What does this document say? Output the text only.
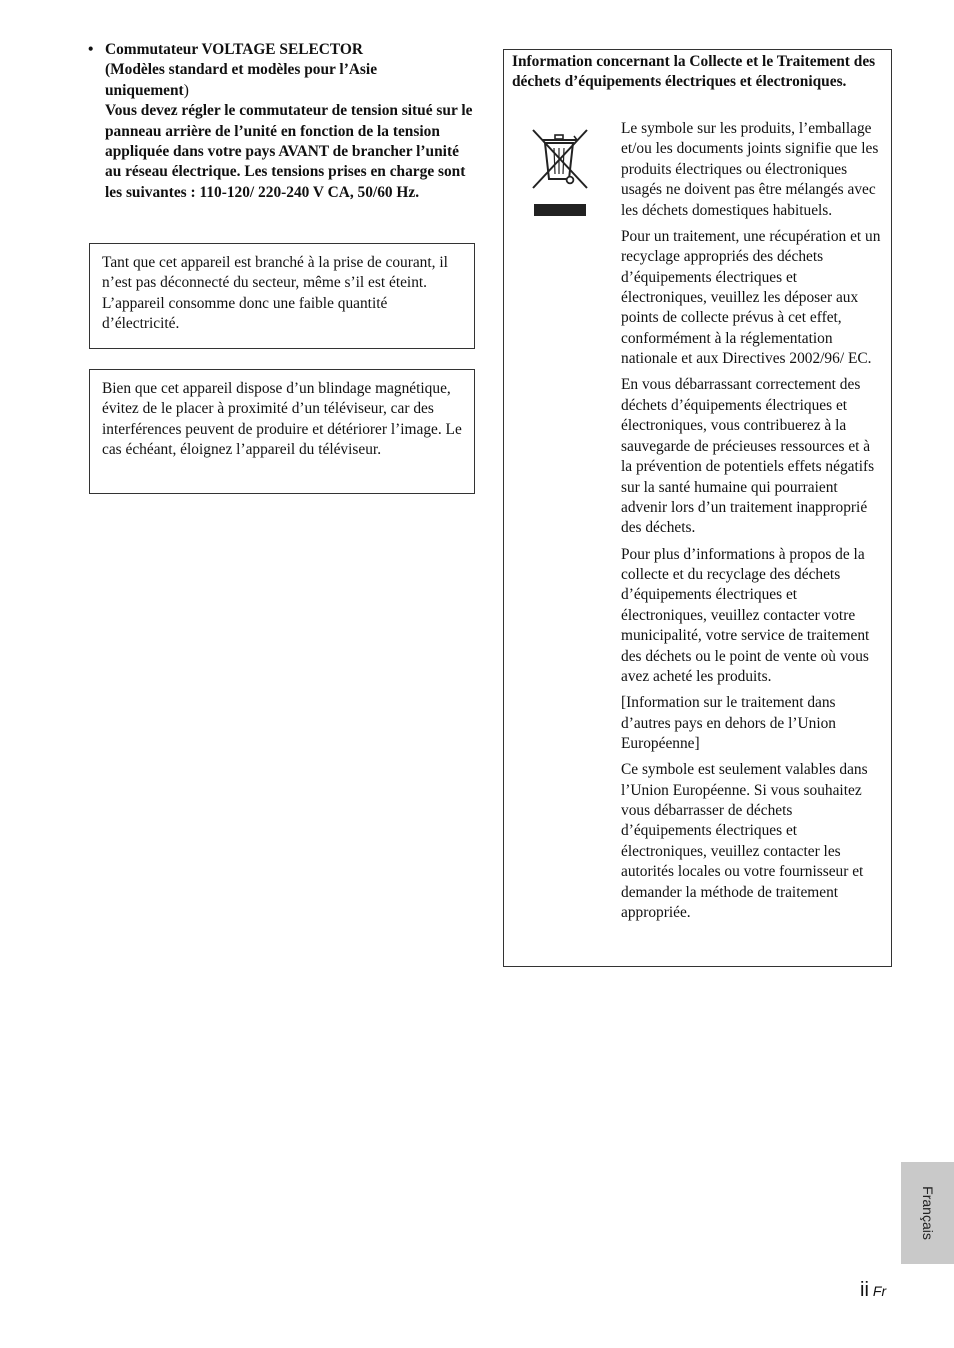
• Commutateur VOLTAGE SELECTOR
(Modèles standard et modèles pour l’Asie
uniquement)

Vous devez régler le commutateur de tension situé sur le panneau arrière de l’unité en fonction de la tension appliquée dans votre pays AVANT de brancher l’unité au réseau électrique. Les tensions prises en charge sont les suivantes : 110-120/ 220-240 V CA, 50/60 Hz.

Tant que cet appareil est branché à la prise de courant, il n’est pas déconnecté du secteur, même s’il est éteint. L’appareil consomme donc une faible quantité d’électricité.

Bien que cet appareil dispose d’un blindage magnétique, évitez de le placer à proximité d’un téléviseur, car des interférences peuvent de produire et détériorer l’image. Le cas échéant, éloignez l’appareil du téléviseur.

Information concernant la Collecte et le Traitement des déchets d’équipements électriques et électroniques.

Le symbole sur les produits, l’emballage et/ou les documents joints signifie que les produits électriques ou électroniques usagés ne doivent pas être mélangés avec les déchets domestiques habituels.

Pour un traitement, une récupération et un recyclage appropriés des déchets d’équipements électriques et électroniques, veuillez les déposer aux points de collecte prévus à cet effet, conformément à la réglementation nationale et aux Directives 2002/96/ EC.

En vous débarrassant correctement des déchets d’équipements électriques et électroniques, vous contribuerez à la sauvegarde de précieuses ressources et à la prévention de potentiels effets négatifs sur la santé humaine qui pourraient advenir lors d’un traitement inapproprié des déchets.

Pour plus d’informations à propos de la collecte et du recyclage des déchets d’équipements électriques et électroniques, veuillez contacter votre municipalité, votre service de traitement des déchets ou le point de vente où vous avez acheté les produits.

[Information sur le traitement dans d’autres pays en dehors de l’Union Européenne]

Ce symbole est seulement valables dans l’Union Européenne. Si vous souhaitez vous débarrasser de déchets d’équipements électriques et électroniques, veuillez contacter les autorités locales ou votre fournisseur et demander la méthode de traitement appropriée.

Français
ii Fr
